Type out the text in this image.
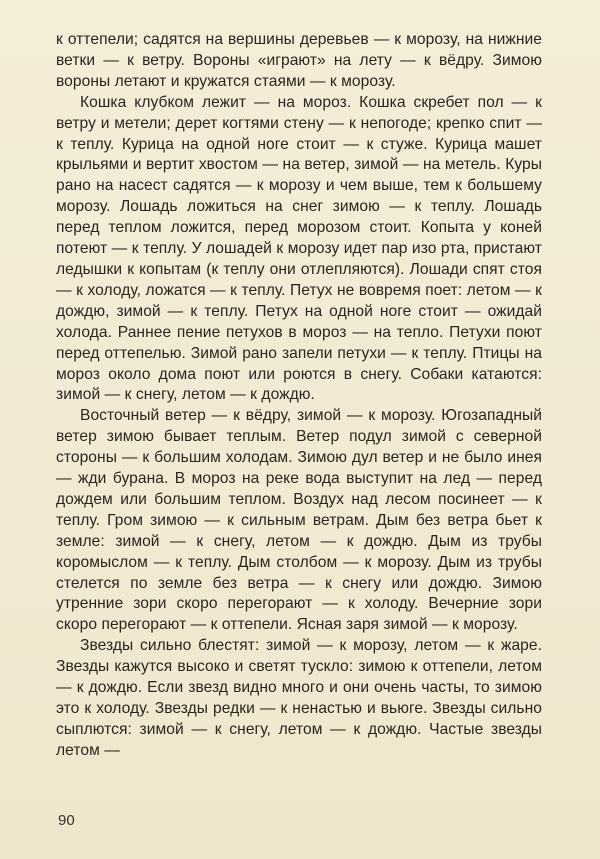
к оттепели; садятся на вершины деревьев — к морозу, на нижние ветки — к ветру. Вороны «играют» на лету — к вёдру. Зимою вороны летают и кружатся стаями — к морозу.

Кошка клубком лежит — на мороз. Кошка скребет пол — к ветру и метели; дерет когтями стену — к непогоде; крепко спит — к теплу. Курица на одной ноге стоит — к стуже. Курица машет крыльями и вертит хвостом — на ветер, зимой — на метель. Куры рано на насест садятся — к морозу и чем выше, тем к большему морозу. Лошадь ложиться на снег зимою — к теплу. Лошадь перед теплом ложится, перед морозом стоит. Копыта у коней потеют — к теплу. У лошадей к морозу идет пар изо рта, пристают ледышки к копытам (к теплу они отлепляются). Лошади спят стоя — к холоду, ложатся — к теплу. Петух не вовремя поет: летом — к дождю, зимой — к теплу. Петух на одной ноге стоит — ожидай холода. Раннее пение петухов в мороз — на тепло. Петухи поют перед оттепелью. Зимой рано запели петухи — к теплу. Птицы на мороз около дома поют или роются в снегу. Собаки катаются: зимой — к снегу, летом — к дождю.

Восточный ветер — к вёдру, зимой — к морозу. Югозападный ветер зимою бывает теплым. Ветер подул зимой с северной стороны — к большим холодам. Зимою дул ветер и не было инея — жди бурана. В мороз на реке вода выступит на лед — перед дождем или большим теплом. Воздух над лесом посинеет — к теплу. Гром зимою — к сильным ветрам. Дым без ветра бьет к земле: зимой — к снегу, летом — к дождю. Дым из трубы коромыслом — к теплу. Дым столбом — к морозу. Дым из трубы стелется по земле без ветра — к снегу или дождю. Зимою утренние зори скоро перегорают — к холоду. Вечерние зори скоро перегорают — к оттепели. Ясная заря зимой — к морозу.

Звезды сильно блестят: зимой — к морозу, летом — к жаре. Звезды кажутся высоко и светят тускло: зимою к оттепели, летом — к дождю. Если звезд видно много и они очень часты, то зимою это к холоду. Звезды редки — к ненастью и вьюге. Звезды сильно сыплются: зимой — к снегу, летом — к дождю. Частые звезды летом —

90
